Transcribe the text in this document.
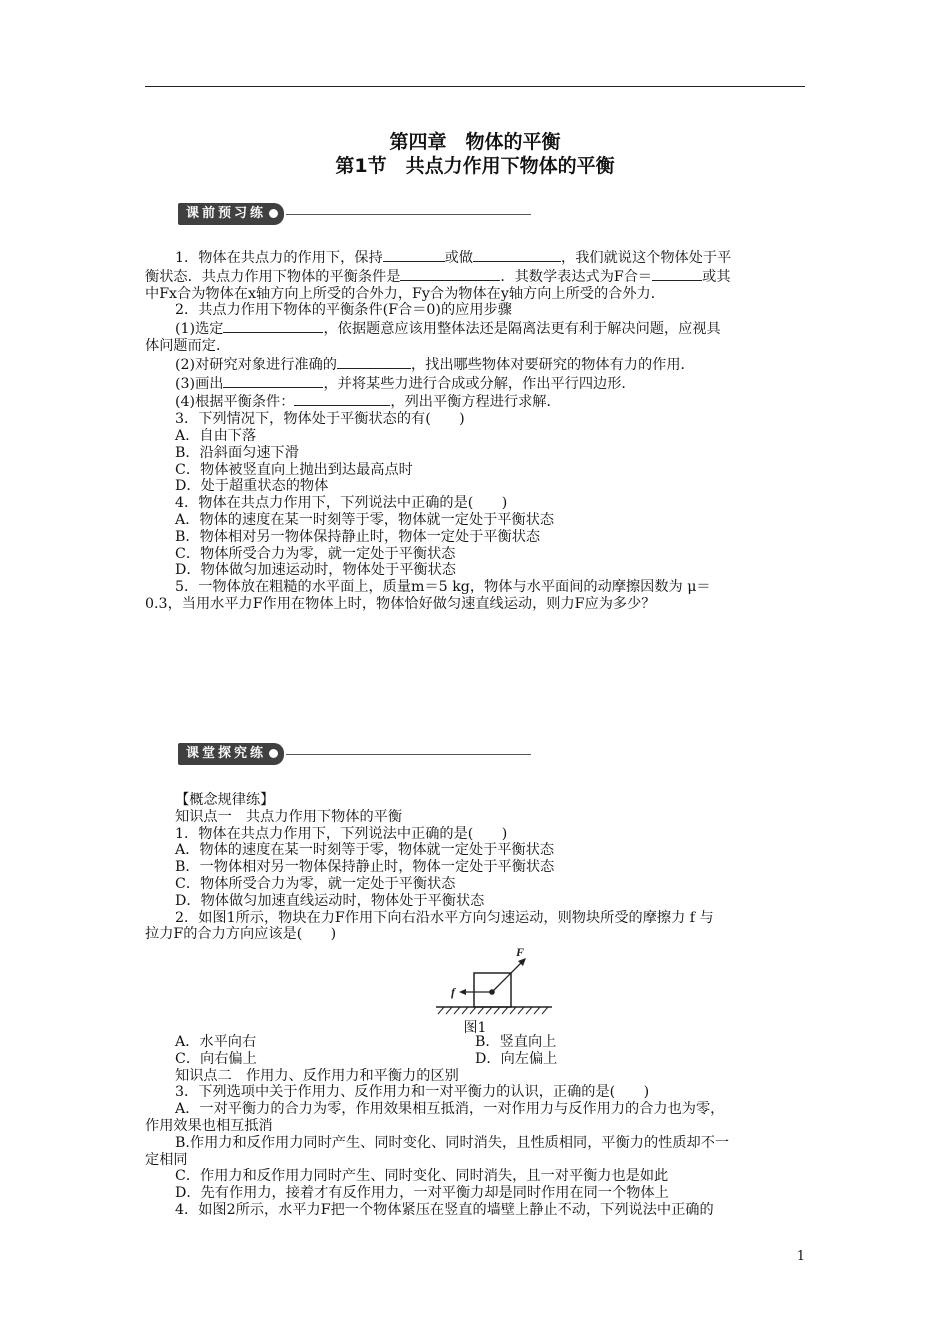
第四章　物体的平衡
第1节　共点力作用下物体的平衡
课前预习练

1．物体在共点力的作用下，保持	或做	，我们就说这个物体处于平

衡状态．共点力作用下物体的平衡条件是	．其数学表达式为F合＝	或其

中Fx合为物体在x轴方向上所受的合外力，Fy合为物体在y轴方向上所受的合外力．

2．共点力作用下物体的平衡条件(F合＝0)的应用步骤

(1)选定	，依据题意应该用整体法还是隔离法更有利于解决问题，应视具

体问题而定．

(2)对研究对象进行准确的	，找出哪些物体对要研究的物体有力的作用．

(3)画出	，并将某些力进行合成或分解，作出平行四边形．

(4)根据平衡条件：	，列出平衡方程进行求解．

3．下列情况下，物体处于平衡状态的有(　　)

A．自由下落

B．沿斜面匀速下滑

C．物体被竖直向上抛出到达最高点时

D．处于超重状态的物体

4．物体在共点力作用下，下列说法中正确的是(　　)

A．物体的速度在某一时刻等于零，物体就一定处于平衡状态

B．物体相对另一物体保持静止时，物体一定处于平衡状态

C．物体所受合力为零，就一定处于平衡状态

D．物体做匀加速运动时，物体处于平衡状态

5．一物体放在粗糙的水平面上，质量m＝5 kg，物体与水平面间的动摩擦因数为 μ＝

0.3，当用水平力F作用在物体上时，物体恰好做匀速直线运动，则力F应为多少？

课堂探究练

【概念规律练】

知识点一　共点力作用下物体的平衡

1．物体在共点力作用下，下列说法中正确的是(　　)

A．物体的速度在某一时刻等于零，物体就一定处于平衡状态

B．一物体相对另一物体保持静止时，物体一定处于平衡状态

C．物体所受合力为零，就一定处于平衡状态

D．物体做匀加速直线运动时，物体处于平衡状态

2．如图1所示，物块在力F作用下向右沿水平方向匀速运动，则物块所受的摩擦力 f 与

拉力F的合力方向应该是(　　)

F
f
图1
A．水平向右	B．竖直向上
C．向右偏上	D．向左偏上

知识点二　作用力、反作用力和平衡力的区别

3．下列选项中关于作用力、反作用力和一对平衡力的认识，正确的是(　　)

A．一对平衡力的合力为零，作用效果相互抵消，一对作用力与反作用力的合力也为零，

作用效果也相互抵消

B.作用力和反作用力同时产生、同时变化、同时消失，且性质相同，平衡力的性质却不一

定相同

C．作用力和反作用力同时产生、同时变化、同时消失，且一对平衡力也是如此

D．先有作用力，接着才有反作用力，一对平衡力却是同时作用在同一个物体上

4．如图2所示，水平力F把一个物体紧压在竖直的墙壁上静止不动，下列说法中正确的

1
